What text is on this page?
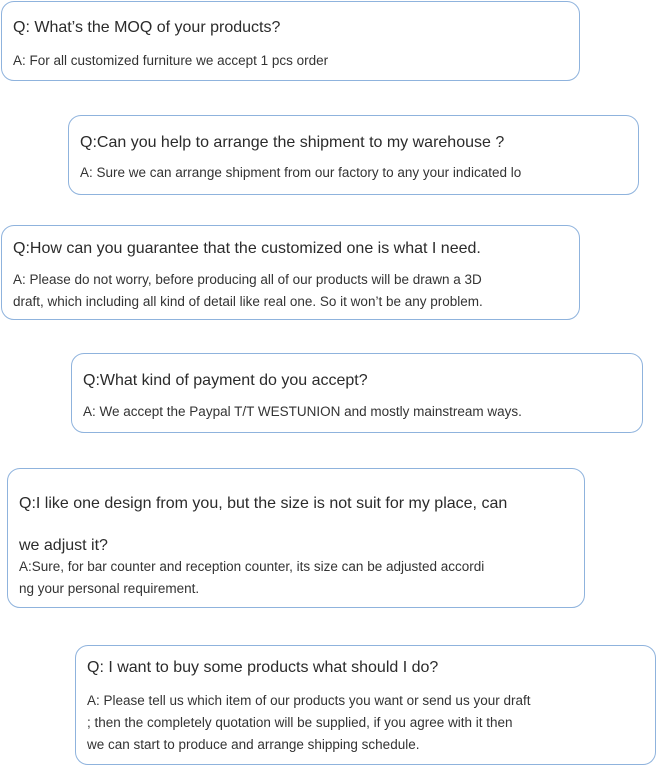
Q: What’s the MOQ of your products?

A: For all customized furniture we accept 1 pcs order

Q:Can you help to arrange the shipment to my warehouse ?

A: Sure we can arrange shipment from our factory to any your indicated lo

Q:How can you guarantee that the customized one is what I need.

A: Please do not worry, before producing all of our products will be drawn a 3D
draft, which including all kind of detail like real one. So it won’t be any problem.

Q:What kind of payment do you accept?

A: We accept the Paypal T/T WESTUNION and mostly mainstream ways.

Q:I like one design from you, but the size is not suit for my place, can
we adjust it?

A:Sure, for bar counter and reception counter, its size can be adjusted accordi
ng your personal requirement.

Q: I want to buy some products what should I do?

A: Please tell us which item of our products you want or send us your draft
; then the completely quotation will be supplied, if you agree with it then
we can start to produce and arrange shipping schedule.
